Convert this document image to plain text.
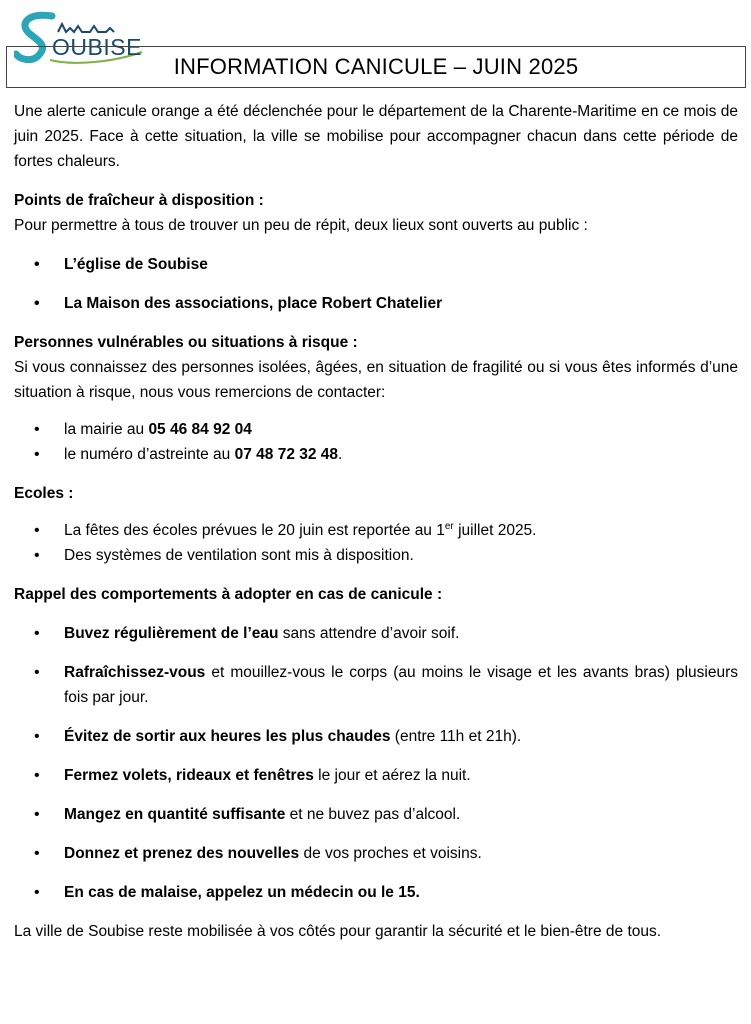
OUBISE
INFORMATION CANICULE – JUIN 2025

Une alerte canicule orange a été déclenchée pour le département de la Charente-Maritime en ce mois de juin 2025. Face à cette situation, la ville se mobilise pour accompagner chacun dans cette période de fortes chaleurs.

Points de fraîcheur à disposition :

Pour permettre à tous de trouver un peu de répit, deux lieux sont ouverts au public :

• L’église de Soubise
• La Maison des associations, place Robert Chatelier

Personnes vulnérables ou situations à risque :

Si vous connaissez des personnes isolées, âgées, en situation de fragilité ou si vous êtes informés d’une situation à risque, nous vous remercions de contacter:

• la mairie au 05 46 84 92 04
• le numéro d’astreinte au 07 48 72 32 48.

Ecoles :

• La fêtes des écoles prévues le 20 juin est reportée au 1er juillet 2025.
• Des systèmes de ventilation sont mis à disposition.

Rappel des comportements à adopter en cas de canicule :

• Buvez régulièrement de l’eau sans attendre d’avoir soif.
• Rafraîchissez-vous et mouillez-vous le corps (au moins le visage et les avants bras) plusieurs fois par jour.
• Évitez de sortir aux heures les plus chaudes (entre 11h et 21h).
• Fermez volets, rideaux et fenêtres le jour et aérez la nuit.
• Mangez en quantité suffisante et ne buvez pas d’alcool.
• Donnez et prenez des nouvelles de vos proches et voisins.
• En cas de malaise, appelez un médecin ou le 15.

La ville de Soubise reste mobilisée à vos côtés pour garantir la sécurité et le bien-être de tous.
